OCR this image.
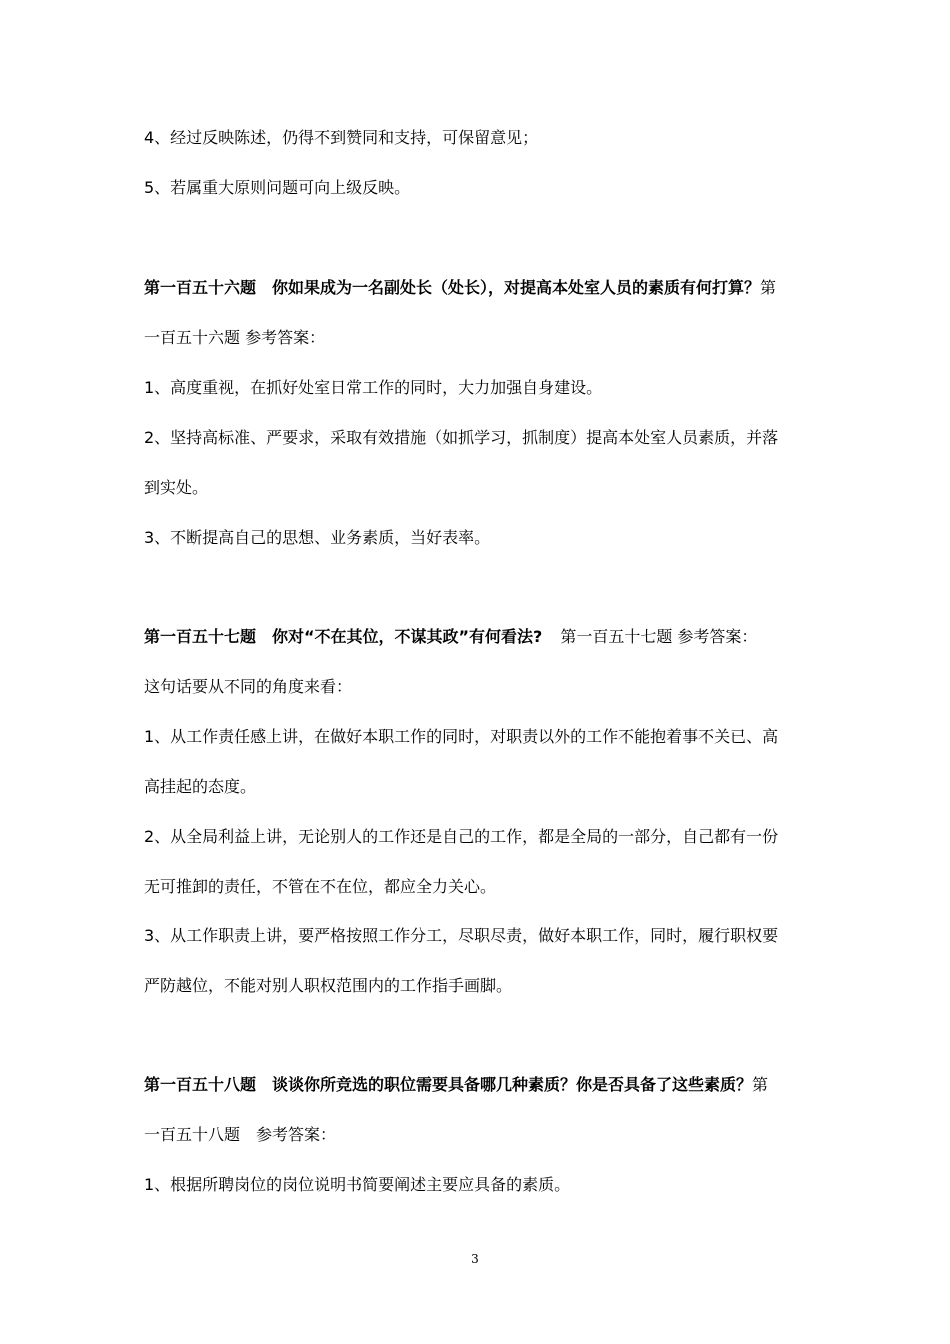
4、经过反映陈述，仍得不到赞同和支持，可保留意见；
5、若属重大原则问题可向上级反映。
第一百五十六题　你如果成为一名副处长（处长），对提高本处室人员的素质有何打算？第
一百五十六题 参考答案：
1、高度重视，在抓好处室日常工作的同时，大力加强自身建设。
2、坚持高标准、严要求，采取有效措施（如抓学习，抓制度）提高本处室人员素质，并落
到实处。
3、不断提高自己的思想、业务素质，当好表率。
第一百五十七题　你对“不在其位，不谋其政”有何看法? 第一百五十七题 参考答案：
这句话要从不同的角度来看：
1、从工作责任感上讲，在做好本职工作的同时，对职责以外的工作不能抱着事不关已、高
高挂起的态度。
2、从全局利益上讲，无论别人的工作还是自己的工作，都是全局的一部分，自己都有一份
无可推卸的责任，不管在不在位，都应全力关心。
3、从工作职责上讲，要严格按照工作分工，尽职尽责，做好本职工作，同时，履行职权要
严防越位，不能对别人职权范围内的工作指手画脚。
第一百五十八题　谈谈你所竞选的职位需要具备哪几种素质？你是否具备了这些素质？第
一百五十八题　参考答案：
1、根据所聘岗位的岗位说明书简要阐述主要应具备的素质。
3
